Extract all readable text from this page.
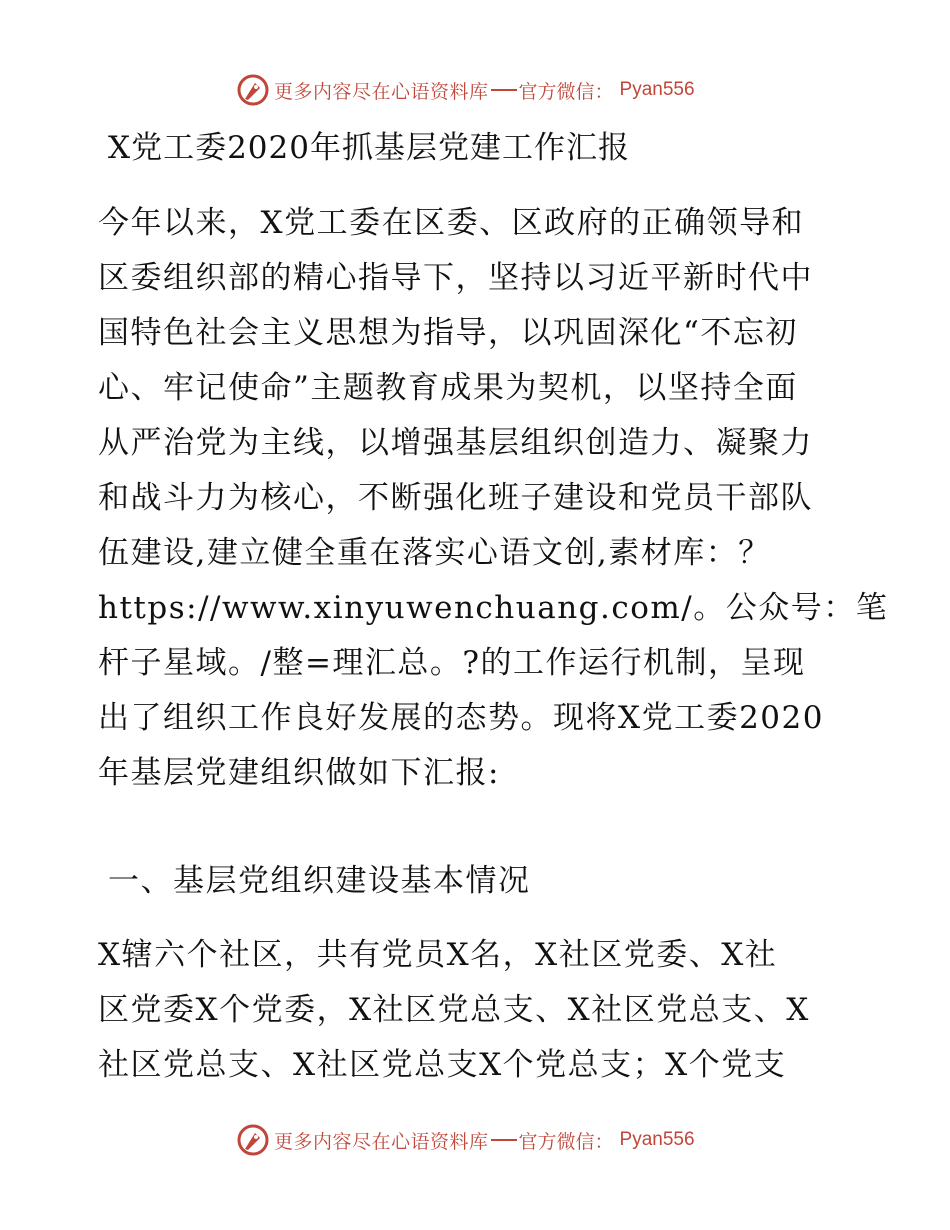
更多内容尽在心语资料库 官方微信： Pyan556
X党工委2020年抓基层党建工作汇报
今年以来，X党工委在区委、区政府的正确领导和
区委组织部的精心指导下，坚持以习近平新时代中
国特色社会主义思想为指导，以巩固深化“不忘初
心、牢记使命”主题教育成果为契机，以坚持全面
从严治党为主线，以增强基层组织创造力、凝聚力
和战斗力为核心，不断强化班子建设和党员干部队
伍建设,建立健全重在落实心语文创,素材库：？
https://www.xinyuwenchuang.com/。公众号：笔
杆子星域。/整=理汇总。?的工作运行机制，呈现
出了组织工作良好发展的态势。现将X党工委2020
年基层党建组织做如下汇报:
一、基层党组织建设基本情况
X辖六个社区，共有党员X名，X社区党委、X社
区党委X个党委，X社区党总支、X社区党总支、X
社区党总支、X社区党总支X个党总支；X个党支
更多内容尽在心语资料库 官方微信： Pyan556
